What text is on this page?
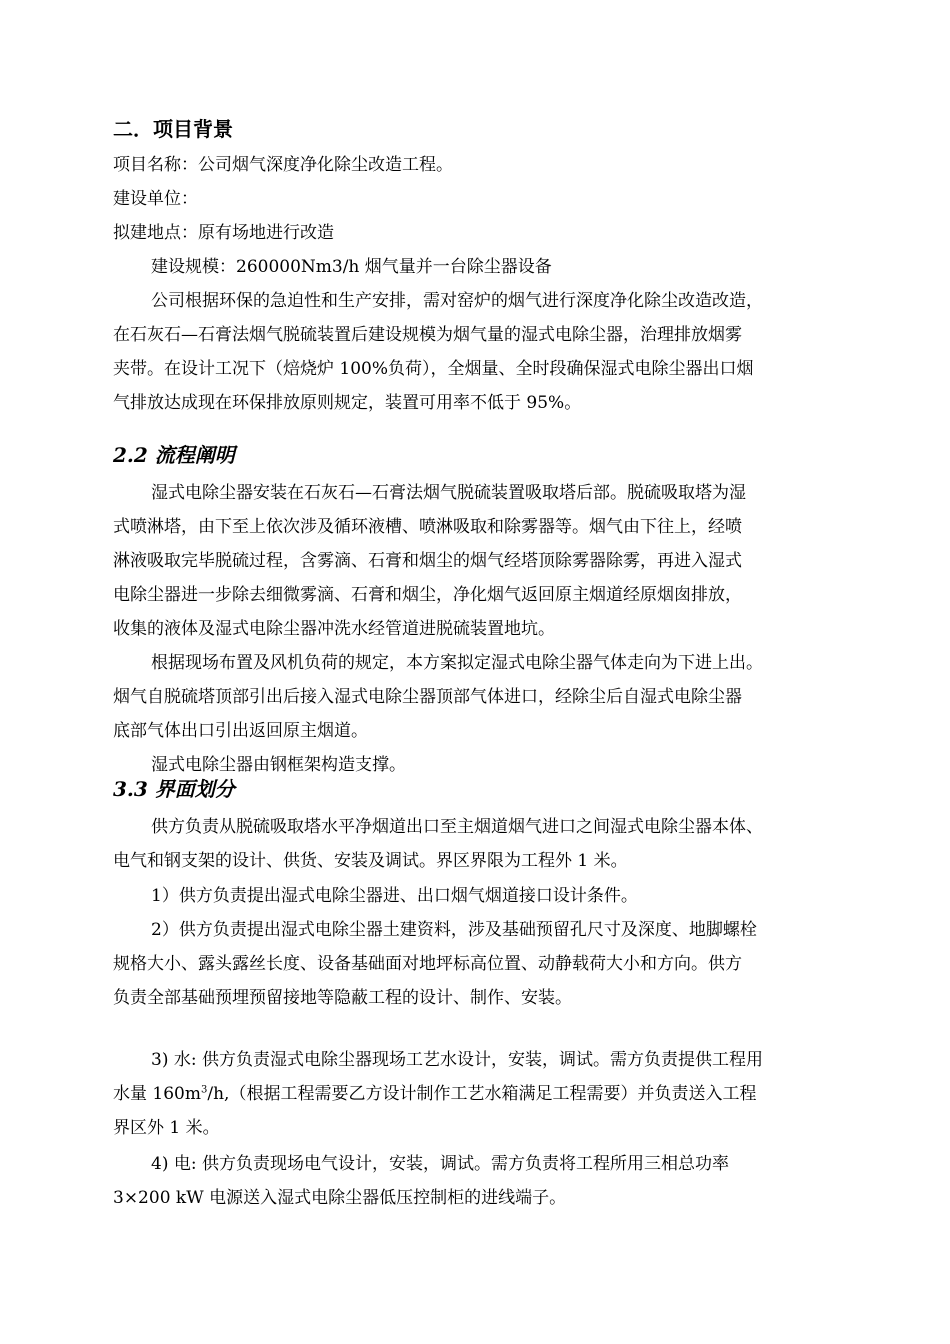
二．项目背景
项目名称：公司烟气深度净化除尘改造工程。
建设单位：
拟建地点：原有场地进行改造
建设规模：260000Nm3/h 烟气量并一台除尘器设备
公司根据环保的急迫性和生产安排，需对窑炉的烟气进行深度净化除尘改造改造，
在石灰石—石膏法烟气脱硫装置后建设规模为烟气量的湿式电除尘器，治理排放烟雾
夹带。在设计工况下（焙烧炉 100%负荷），全烟量、全时段确保湿式电除尘器出口烟
气排放达成现在环保排放原则规定，装置可用率不低于 95%。
2.2 流程阐明
湿式电除尘器安装在石灰石—石膏法烟气脱硫装置吸取塔后部。脱硫吸取塔为湿
式喷淋塔，由下至上依次涉及循环液槽、喷淋吸取和除雾器等。烟气由下往上，经喷
淋液吸取完毕脱硫过程，含雾滴、石膏和烟尘的烟气经塔顶除雾器除雾，再进入湿式
电除尘器进一步除去细微雾滴、石膏和烟尘，净化烟气返回原主烟道经原烟囱排放，
收集的液体及湿式电除尘器冲洗水经管道进脱硫装置地坑。
根据现场布置及风机负荷的规定，本方案拟定湿式电除尘器气体走向为下进上出。
烟气自脱硫塔顶部引出后接入湿式电除尘器顶部气体进口，经除尘后自湿式电除尘器
底部气体出口引出返回原主烟道。
湿式电除尘器由钢框架构造支撑。
3.3 界面划分
供方负责从脱硫吸取塔水平净烟道出口至主烟道烟气进口之间湿式电除尘器本体、
电气和钢支架的设计、供货、安装及调试。界区界限为工程外 1 米。
1）供方负责提出湿式电除尘器进、出口烟气烟道接口设计条件。
2）供方负责提出湿式电除尘器土建资料，涉及基础预留孔尺寸及深度、地脚螺栓
规格大小、露头露丝长度、设备基础面对地坪标高位置、动静载荷大小和方向。供方
负责全部基础预埋预留接地等隐蔽工程的设计、制作、安装。
3) 水: 供方负责湿式电除尘器现场工艺水设计，安装，调试。需方负责提供工程用
水量 $160m^3/h$,（根据工程需要乙方设计制作工艺水箱满足工程需要）并负责送入工程
界区外 1 米。
4) 电: 供方负责现场电气设计，安装，调试。需方负责将工程所用三相总功率
3×200 kW 电源送入湿式电除尘器低压控制柜的进线端子。
